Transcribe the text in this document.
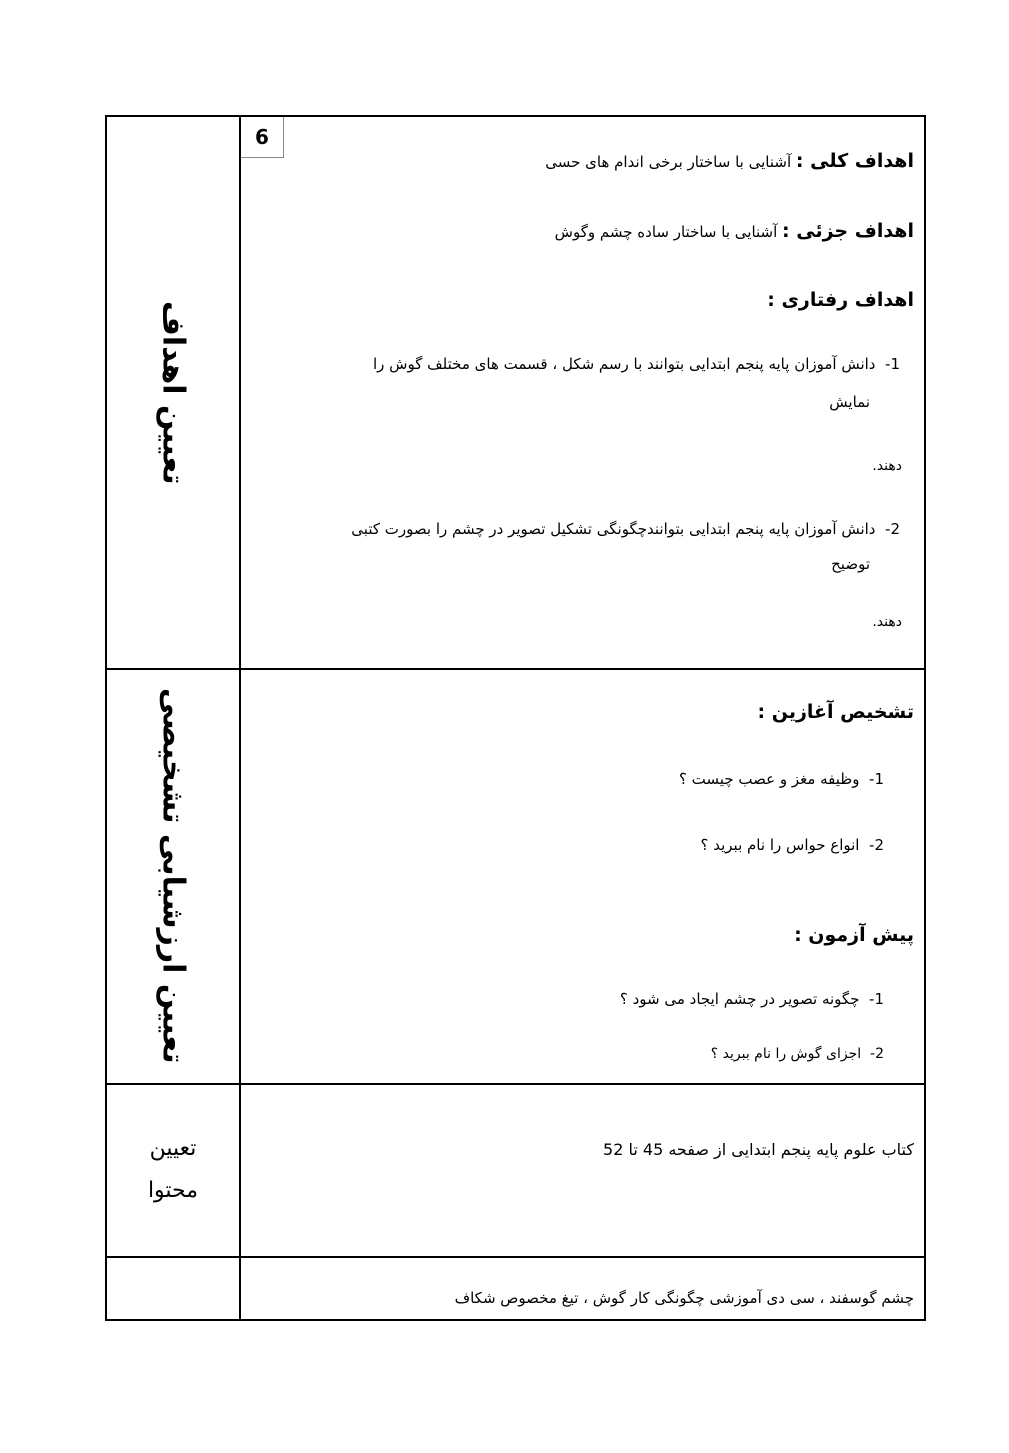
تعیین اهداف
6
اهداف کلی : آشنایی با ساختار برخی اندام های حسی
اهداف جزئی : آشنایی با ساختار ساده چشم وگوش
اهداف رفتاری :
1-  دانش آموزان پایه پنجم ابتدایی بتوانند با رسم شکل ، قسمت های مختلف گوش را
نمایش
دهند.
2-  دانش آموزان پایه پنجم ابتدایی بتوانندچگونگی تشکیل تصویر در چشم را بصورت کتبی
توضیح
دهند.
تعیین ارزشیابی تشخیصی	تشخیص آغازین :
1-  وظیفه مغز و عصب چیست ؟
2-  انواع حواس را نام ببرید ؟
پیش آزمون :
1-  چگونه تصویر در چشم ایجاد می شود ؟
2-  اجزای گوش را نام ببرید ؟
تعیین
محتوا
کتاب علوم پایه پنجم ابتدایی از صفحه 45 تا 52
چشم گوسفند ، سی دی آموزشی چگونگی کار گوش ، تیغ مخصوص شکاف
